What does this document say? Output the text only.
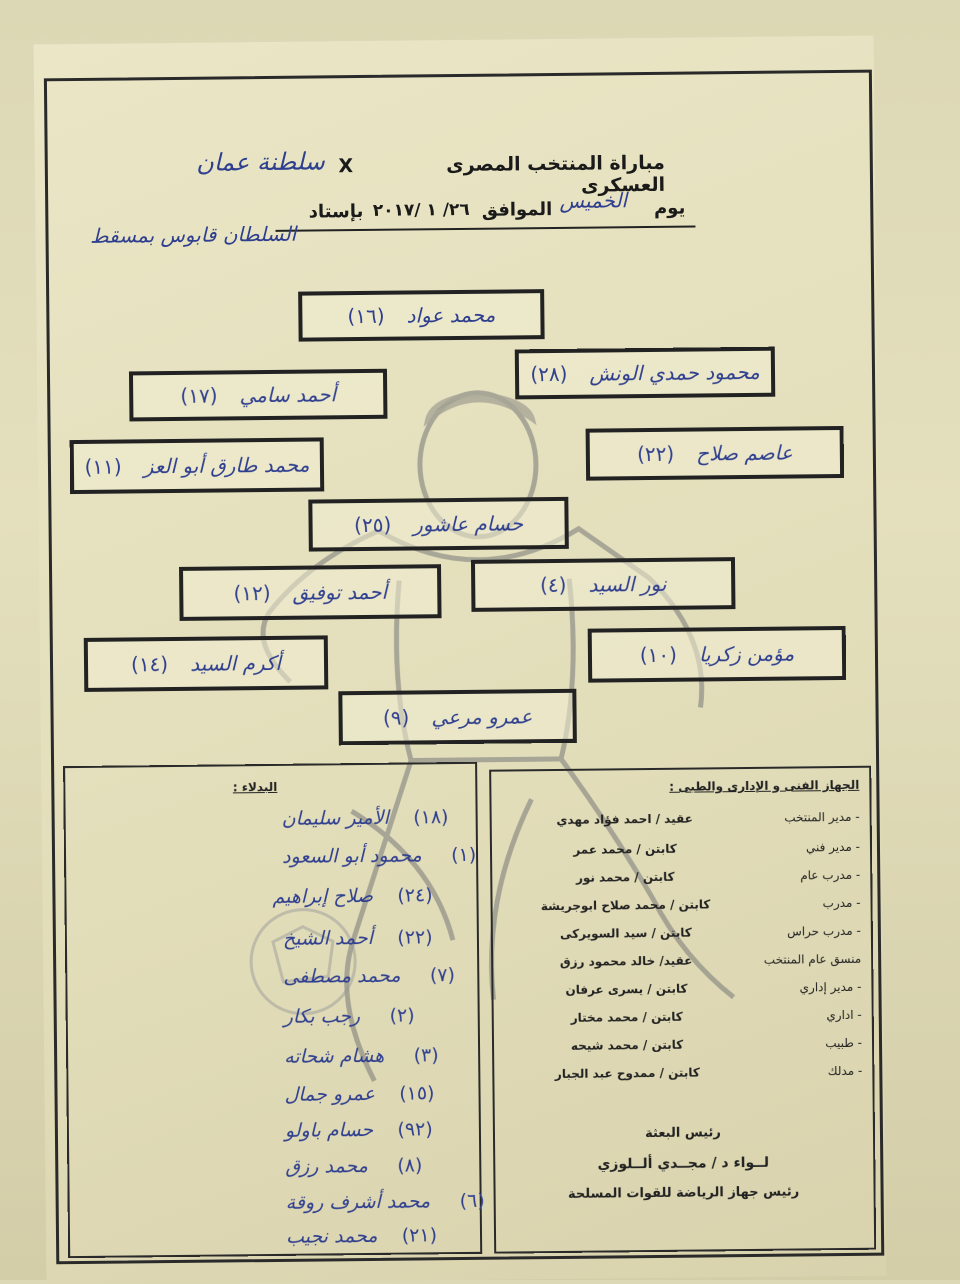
مباراة المنتخب المصرى العسكرى
X
سلطنة عمان
يوم
الخميس
الموافق
٢٦/ ١ /٢٠١٧
بإستاد
السلطان قابوس بمسقط
محمد عواد
(١٦)
محمود حمدي الونش
(٢٨)
أحمد سامي
(١٧)
عاصم صلاح
(٢٢)
محمد طارق أبو العز
(١١)
حسام عاشور
(٢٥)
نور السيد
(٤)
أحمد توفيق
(١٢)
مؤمن زكريا
(١٠)
أكرم السيد
(١٤)
عمرو مرعي
(٩)
البدلاء :
(١٨)
الأمير سليمان
(١)
محمود أبو السعود
(٢٤)
صلاح إبراهيم
(٢٢)
أحمد الشيخ
(٧)
محمد مصطفى
(٢)
رجب بكار
(٣)
هشام شحاته
(١٥)
عمرو جمال
(٩٢)
حسام باولو
(٨)
محمد رزق
(٦)
محمد أشرف روقة
(٢١)
محمد نجيب
الجهاز الفنى و الإدارى والطبى :
- مدير المنتخب
عقيد / احمد فؤاد مهدي
- مدير فني
كابتن / محمد عمر
- مدرب عام
كابتن / محمد نور
- مدرب
كابتن / محمد صلاح ابوجريشة
- مدرب حراس
كابتن / سيد السويركى
منسق عام المنتخب
عقيد/ خالد محمود رزق
- مدير إداري
كابتن / يسرى عرفان
- اداري
كابتن / محمد مختار
- طبيب
كابتن / محمد شيحه
- مدلك
كابتن / ممدوح عبد الجبار
رئيس البعثة
لــواء د / مجــدي ألــلوزي
رئيس جهاز الرياضة للقوات المسلحة
